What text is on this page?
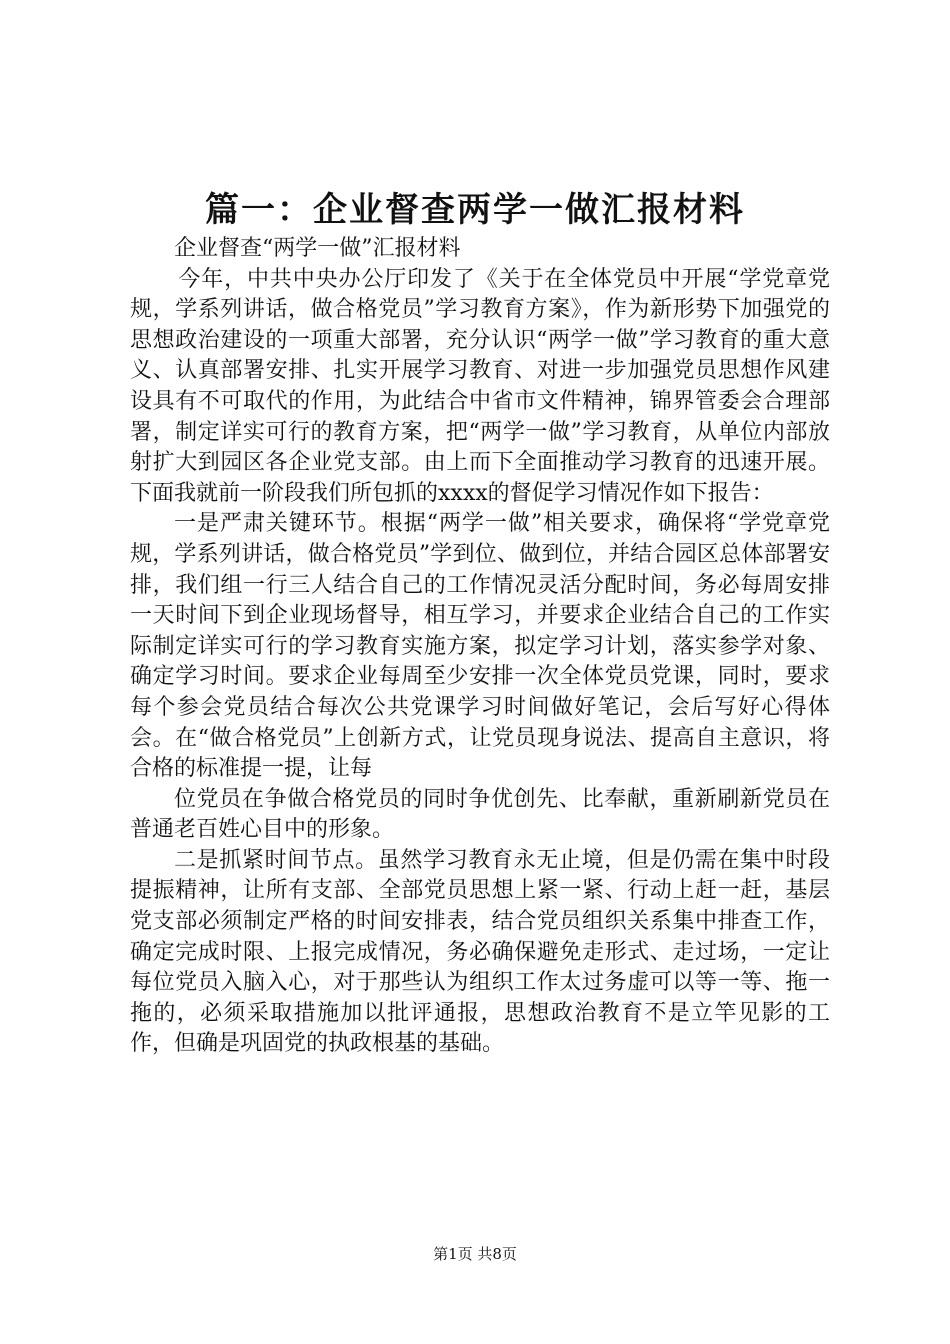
篇一：企业督查两学一做汇报材料

企业督查“两学一做”汇报材料

今年，中共中央办公厅印发了《关于在全体党员中开展“学党章党规，学系列讲话，做合格党员”学习教育方案》，作为新形势下加强党的思想政治建设的一项重大部署，充分认识“两学一做”学习教育的重大意义、认真部署安排、扎实开展学习教育、对进一步加强党员思想作风建设具有不可取代的作用，为此结合中省市文件精神，锦界管委会合理部署，制定详实可行的教育方案，把“两学一做”学习教育，从单位内部放射扩大到园区各企业党支部。由上而下全面推动学习教育的迅速开展。下面我就前一阶段我们所包抓的xxxx的督促学习情况作如下报告：

一是严肃关键环节。根据“两学一做”相关要求，确保将“学党章党规，学系列讲话，做合格党员”学到位、做到位，并结合园区总体部署安排，我们组一行三人结合自己的工作情况灵活分配时间，务必每周安排一天时间下到企业现场督导，相互学习，并要求企业结合自己的工作实际制定详实可行的学习教育实施方案，拟定学习计划，落实参学对象、确定学习时间。要求企业每周至少安排一次全体党员党课，同时，要求每个参会党员结合每次公共党课学习时间做好笔记，会后写好心得体会。在“做合格党员”上创新方式，让党员现身说法、提高自主意识，将合格的标准提一提，让每

位党员在争做合格党员的同时争优创先、比奉献，重新刷新党员在普通老百姓心目中的形象。

二是抓紧时间节点。虽然学习教育永无止境，但是仍需在集中时段提振精神，让所有支部、全部党员思想上紧一紧、行动上赶一赶，基层党支部必须制定严格的时间安排表，结合党员组织关系集中排查工作，确定完成时限、上报完成情况，务必确保避免走形式、走过场，一定让每位党员入脑入心，对于那些认为组织工作太过务虚可以等一等、拖一拖的，必须采取措施加以批评通报，思想政治教育不是立竿见影的工作，但确是巩固党的执政根基的基础。

第1页 共8页
